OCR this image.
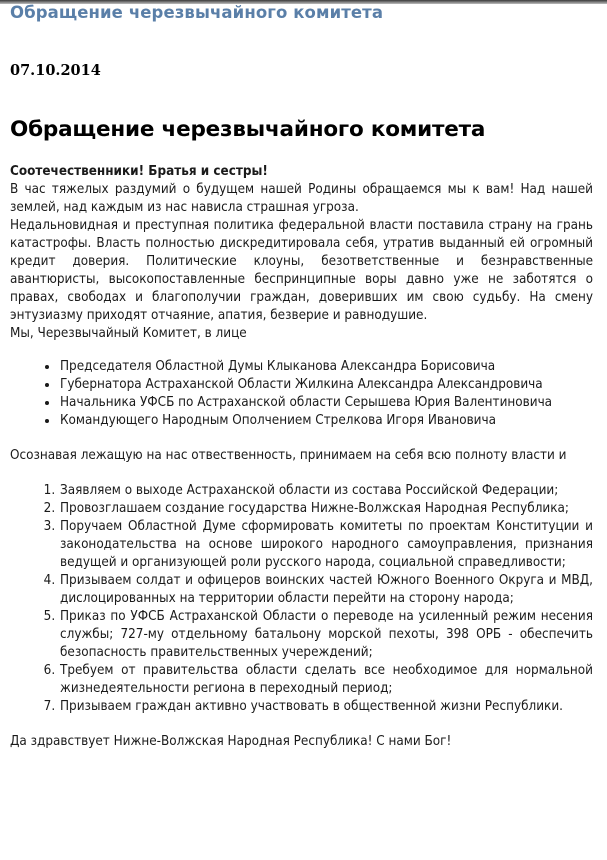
Обращение черезвычайного комитета
07.10.2014
Обращение черезвычайного комитета
Соотечественники! Братья и сестры!

В час тяжелых раздумий о будущем нашей Родины обращаемся мы к вам! Над нашей землей, над каждым из нас нависла страшная угроза.

Недальновидная и преступная политика федеральной власти поставила страну на грань катастрофы. Власть полностью дискредитировала себя, утратив выданный ей огромный кредит доверия. Политические клоуны, безответственные и безнравственные авантюристы, высокопоставленные беспринципные воры давно уже не заботятся о правах, свободах и благополучии граждан, доверивших им свою судьбу. На смену энтузиазму приходят отчаяние, апатия, безверие и равнодушие.

Мы, Черезвычайный Комитет, в лице

• Председателя Областной Думы Клыканова Александра Борисовича
• Губернатора Астраханской Области Жилкина Александра Александровича
• Начальника УФСБ по Астраханской области Серышева Юрия Валентиновича
• Командующего Народным Ополчением Стрелкова Игоря Ивановича

Осознавая лежащую на нас отвественность, принимаем на себя всю полноту власти и

1. Заявляем о выходе Астраханской области из состава Российской Федерации;
2. Провозглашаем создание государства Нижне-Волжская Народная Республика;
3. Поручаем Областной Думе сформировать комитеты по проектам Конституции и законодательства на основе широкого народного самоуправления, признания ведущей и организующей роли русского народа, социальной справедливости;
4. Призываем солдат и офицеров воинских частей Южного Военного Округа и МВД, дислоцированных на территории области перейти на сторону народа;
5. Приказ по УФСБ Астраханской Области о переводе на усиленный режим несения службы; 727-му отдельному батальону морской пехоты, 398 ОРБ - обеспечить безопасность правительственных учереждений;
6. Требуем от правительства области сделать все необходимое для нормальной жизнедеятельности региона в переходный период;
7. Призываем граждан активно участвовать в общественной жизни Республики.

Да здравствует Нижне-Волжская Народная Республика! С нами Бог!
